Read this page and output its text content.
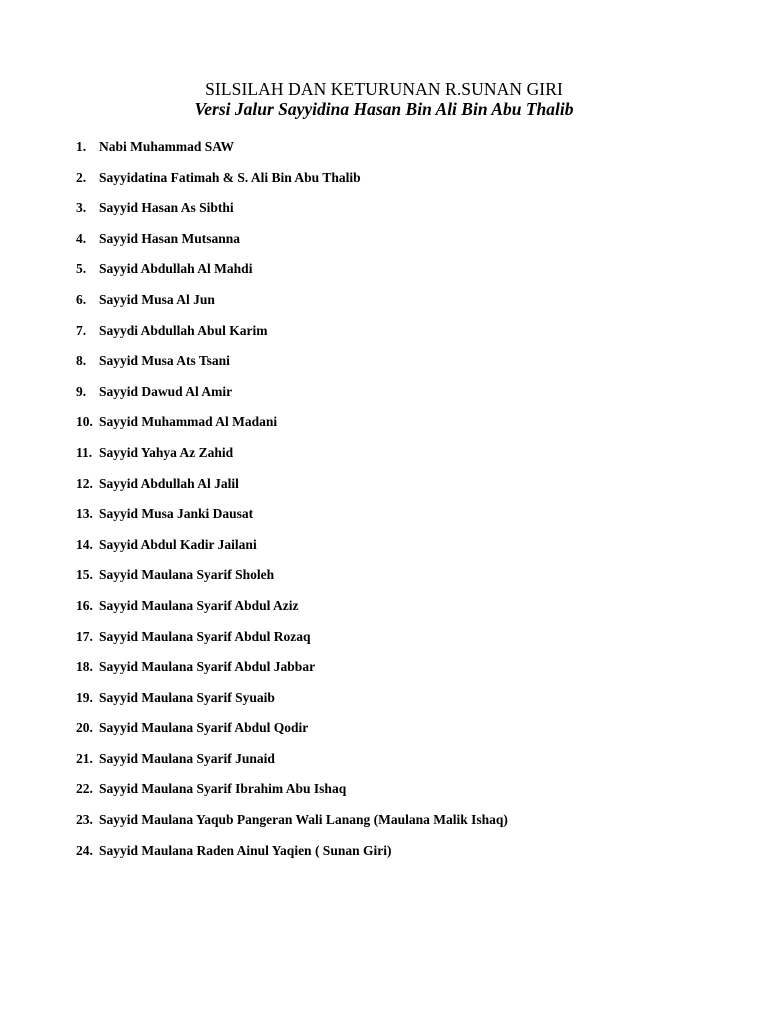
SILSILAH DAN KETURUNAN R.SUNAN GIRI
Versi Jalur Sayyidina Hasan Bin Ali Bin Abu Thalib
1. Nabi Muhammad SAW
2. Sayyidatina Fatimah & S. Ali Bin Abu Thalib
3. Sayyid Hasan As Sibthi
4. Sayyid Hasan Mutsanna
5. Sayyid Abdullah Al Mahdi
6. Sayyid Musa Al Jun
7. Sayydi Abdullah Abul Karim
8. Sayyid Musa Ats Tsani
9. Sayyid Dawud Al Amir
10. Sayyid Muhammad Al Madani
11. Sayyid Yahya Az Zahid
12. Sayyid Abdullah Al Jalil
13. Sayyid Musa Janki Dausat
14. Sayyid Abdul Kadir Jailani
15. Sayyid Maulana Syarif Sholeh
16. Sayyid Maulana Syarif Abdul Aziz
17. Sayyid Maulana Syarif Abdul Rozaq
18. Sayyid Maulana Syarif Abdul Jabbar
19. Sayyid Maulana Syarif Syuaib
20. Sayyid Maulana Syarif Abdul Qodir
21. Sayyid Maulana Syarif Junaid
22. Sayyid Maulana Syarif Ibrahim Abu Ishaq
23. Sayyid Maulana Yaqub Pangeran Wali Lanang (Maulana Malik Ishaq)
24. Sayyid Maulana Raden Ainul Yaqien ( Sunan Giri)
